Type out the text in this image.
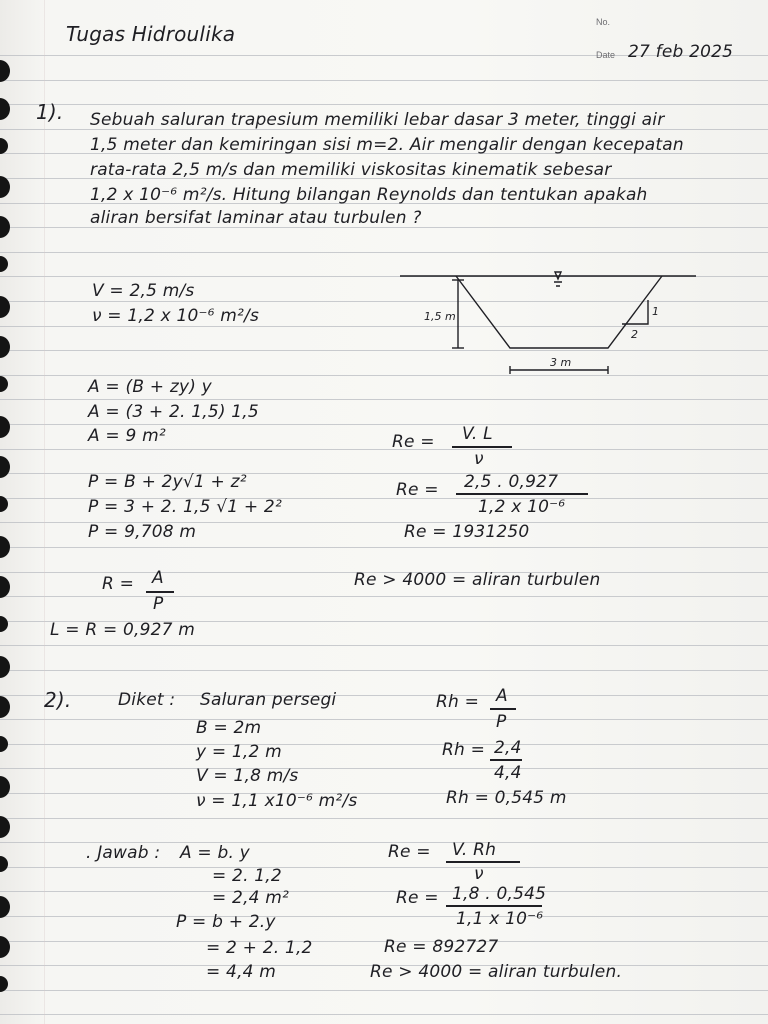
Tugas Hidroulika	No.
Date 27 feb 2025
1). Sebuah saluran trapesium memiliki lebar dasar 3 meter, tinggi air
1,5 meter dan kemiringan sisi m=2. Air mengalir dengan kecepatan
rata-rata 2,5 m/s dan memiliki viskositas kinematik sebesar
1,2 x 10⁻⁶ m²/s. Hitung bilangan Reynolds dan tentukan apakah
aliran bersifat laminar atau turbulen ?
V = 2,5 m/s
ν = 1,2 x 10⁻⁶ m²/s	1,5 m
3 m
1
2
A = (B + zy) y
A = (3 + 2. 1,5) 1,5
A = 9 m²
P = B + 2y√1 + z²
P = 3 + 2. 1,5 √1 + 2²
P = 9,708 m
R = A
P
L = R = 0,927 m
Re = V. L
ν
Re = 2,5 . 0,927
1,2 x 10⁻⁶
Re = 1931250
Re > 4000 = aliran turbulen
2).	Diket : Saluran persegi
B = 2m
y = 1,2 m
V = 1,8 m/s
ν = 1,1 x10⁻⁶ m²/s
Rh = A
P
Rh = 2,4
4,4
Rh = 0,545 m
. Jawab : A = b. y
= 2. 1,2
= 2,4 m²
P = b + 2.y
= 2 + 2. 1,2
= 4,4 m
Re = V. Rh
ν
Re = 1,8 . 0,545
1,1 x 10⁻⁶
Re = 892727
Re > 4000 = aliran turbulen.
